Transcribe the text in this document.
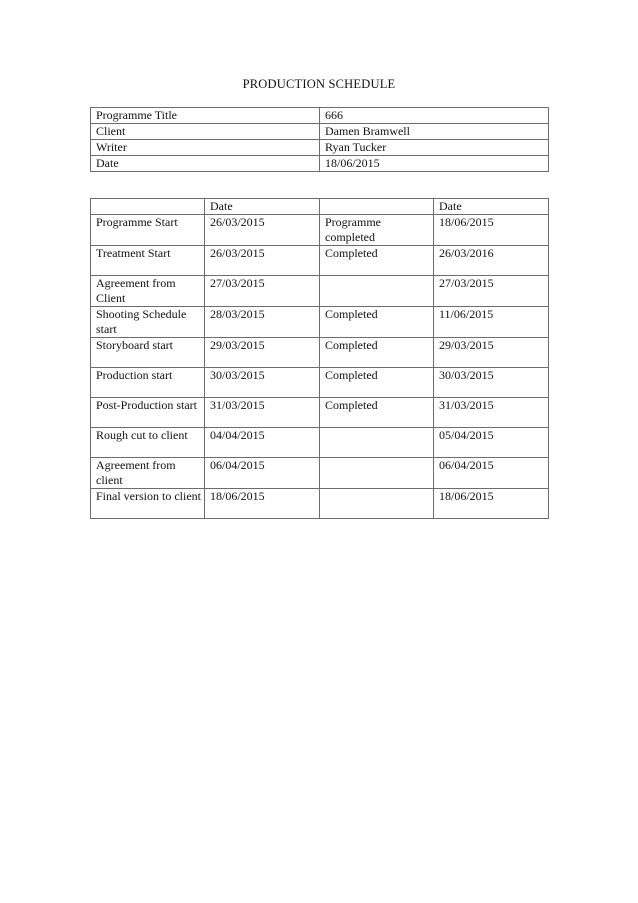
PRODUCTION SCHEDULE
Programme Title	666
Client	Damen Bramwell
Writer	Ryan Tucker
Date	18/06/2015
	Date		Date
Programme Start	26/03/2015	Programme completed	18/06/2015
Treatment Start	26/03/2015	Completed	26/03/2016
Agreement from Client	27/03/2015		27/03/2015
Shooting Schedule start	28/03/2015	Completed	11/06/2015
Storyboard start	29/03/2015	Completed	29/03/2015
Production start	30/03/2015	Completed	30/03/2015
Post-Production start	31/03/2015	Completed	31/03/2015
Rough cut to client	04/04/2015		05/04/2015
Agreement from client	06/04/2015		06/04/2015
Final version to client	18/06/2015		18/06/2015
